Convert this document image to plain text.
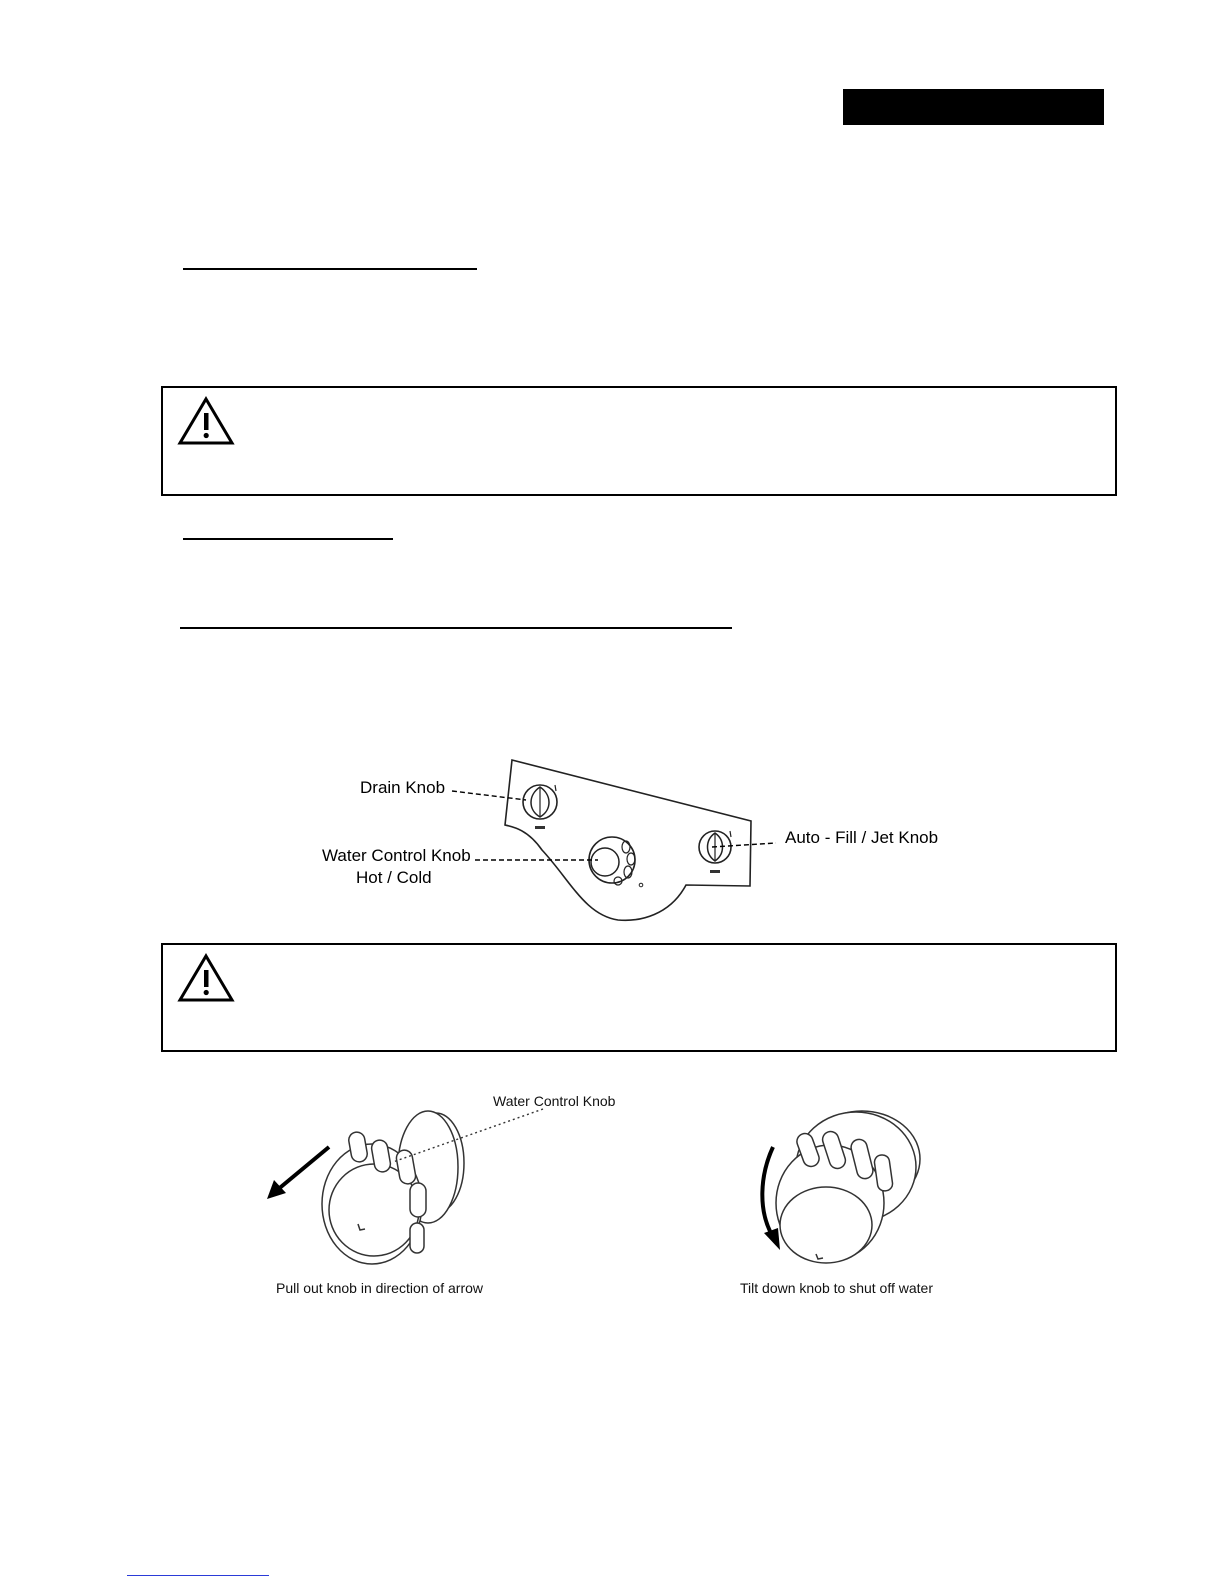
Drain Knob
Water Control Knob
Hot / Cold
Auto - Fill / Jet Knob
Water Control Knob
Pull out knob in direction of arrow	Tilt down knob to shut off water
